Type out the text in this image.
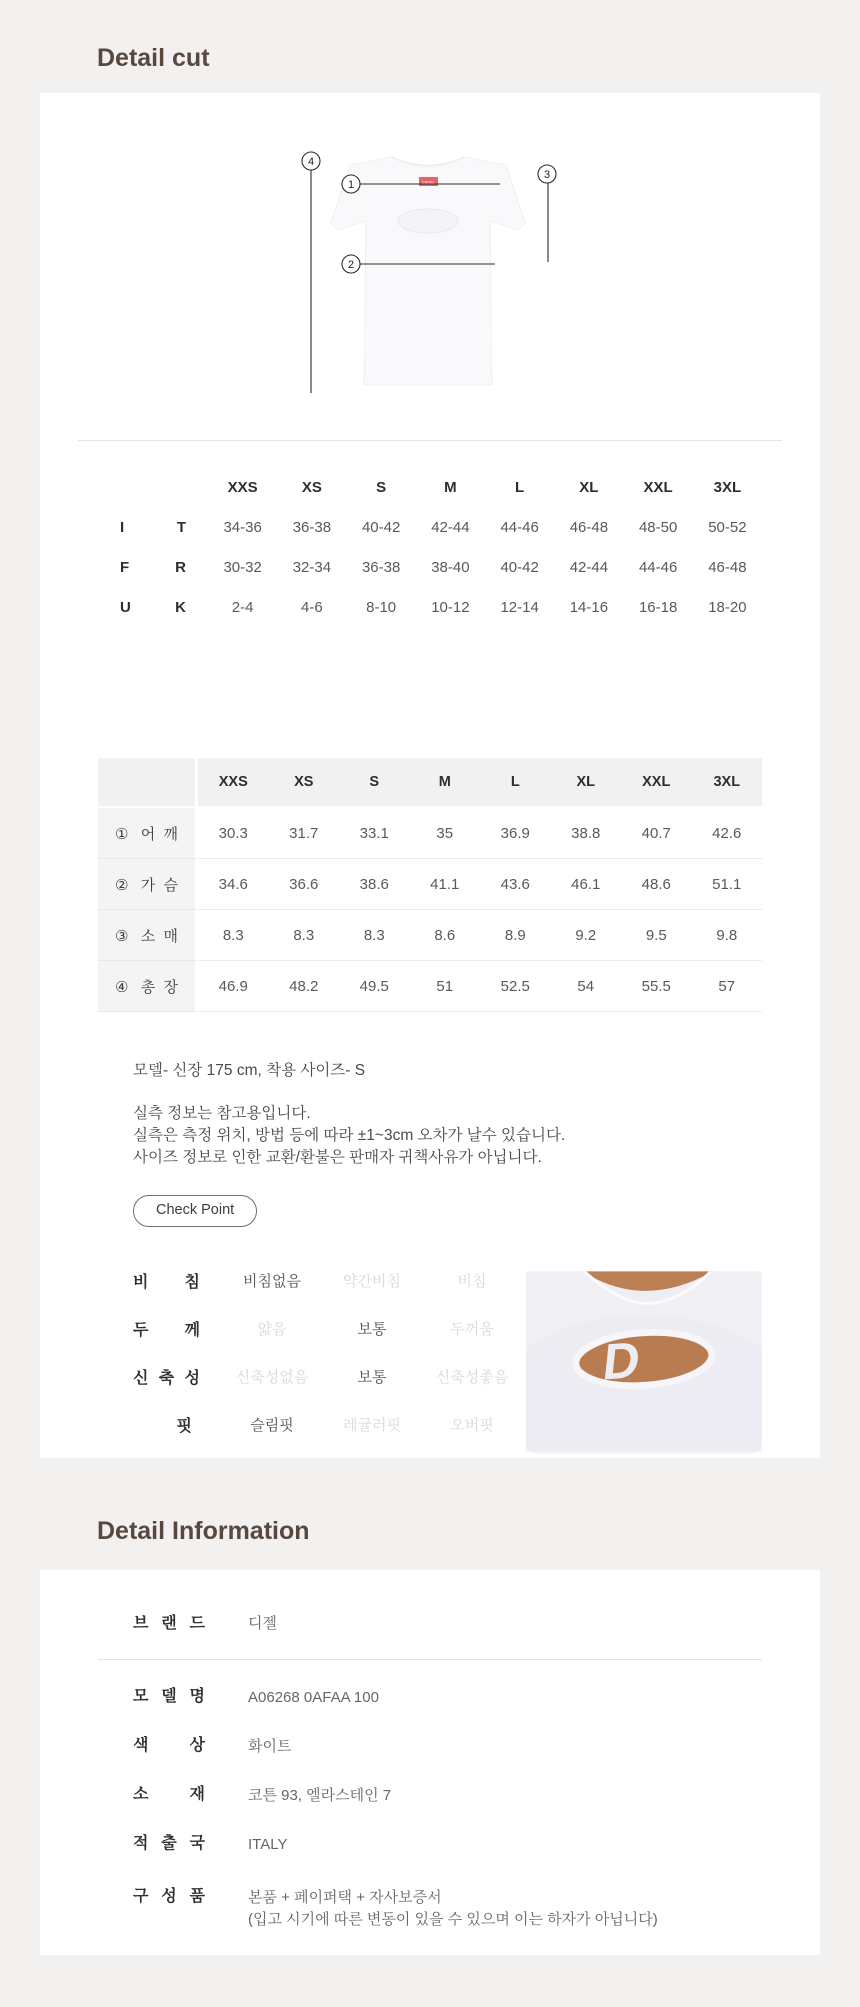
Detail cut
DIESEL
4
1
2
3
	XXS	XS	S	M	L	XL	XXL	3XL
I T	34-36	36-38	40-42	42-44	44-46	46-48	48-50	50-52
F R	30-32	32-34	36-38	38-40	40-42	42-44	44-46	46-48
U K	2-4	4-6	8-10	10-12	12-14	14-16	16-18	18-20
	XXS	XS	S	M	L	XL	XXL	3XL
① 어 깨	30.3	31.7	33.1	35	36.9	38.8	40.7	42.6
② 가 슴	34.6	36.6	38.6	41.1	43.6	46.1	48.6	51.1
③ 소 매	8.3	8.3	8.3	8.6	8.9	9.2	9.5	9.8
④ 총 장	46.9	48.2	49.5	51	52.5	54	55.5	57
모델- 신장 175 cm, 착용 사이즈- S
실측 정보는 참고용입니다.
실측은 측정 위치, 방법 등에 따라 ±1~3cm 오차가 날수 있습니다.
사이즈 정보로 인한 교환/환불은 판매자 귀책사유가 아닙니다.
Check Point
비 침	비침없음	약간비침	비침
두 께	얇음	보통	두꺼움
신 축 성	신축성없음	보통	신축성좋음
핏	슬림핏	레귤러핏	오버핏
D
Detail Information
브 랜 드	디젤
모 델 명	A06268 0AFAA 100
색 상	화이트
소 재	코튼 93, 엘라스테인 7
적 출 국	ITALY
구 성 품	본품 + 페이퍼택 + 자사보증서
(입고 시기에 따른 변동이 있을 수 있으며 이는 하자가 아닙니다)
